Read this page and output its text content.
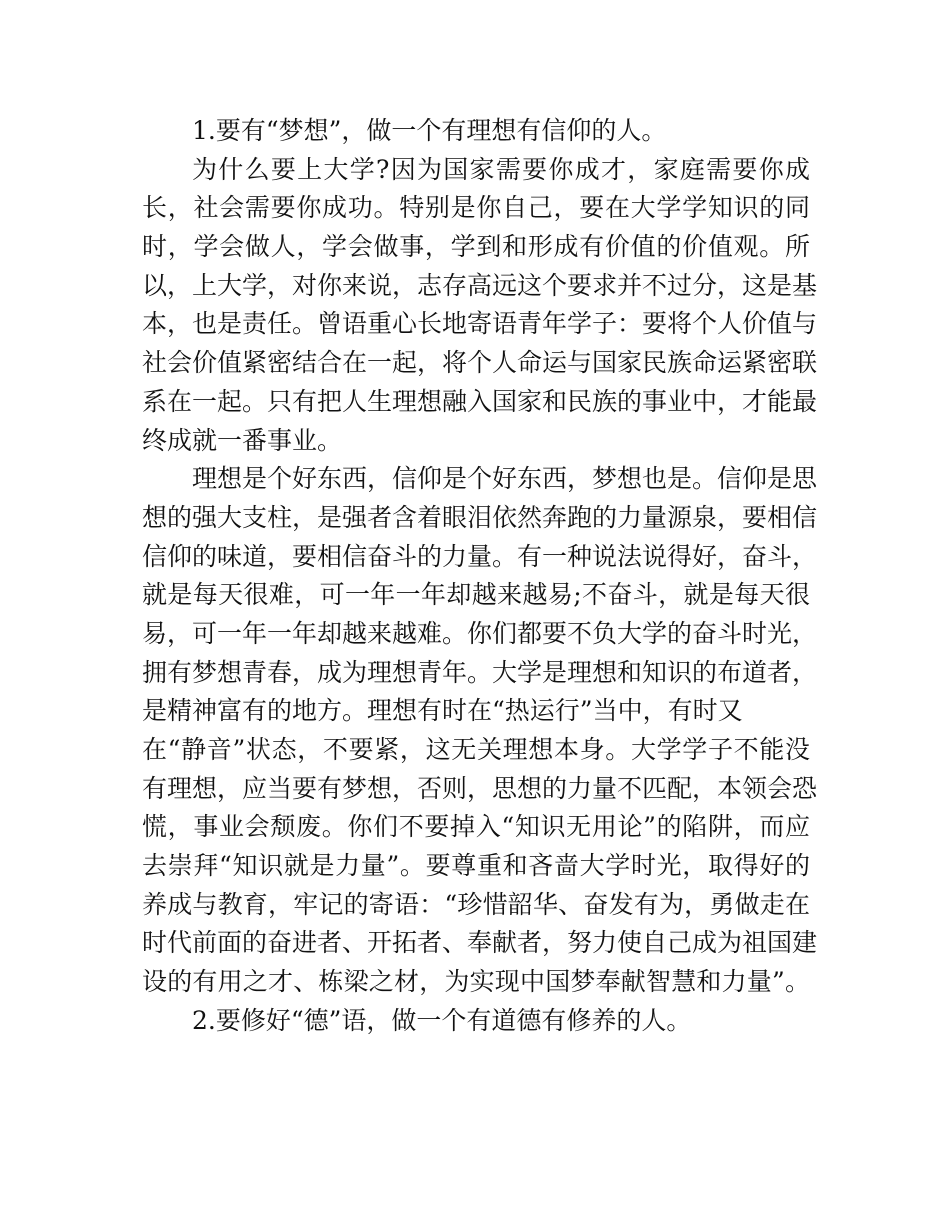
1.要有“梦想”，做一个有理想有信仰的人。
为什么要上大学?因为国家需要你成才，家庭需要你成
长，社会需要你成功。特别是你自己，要在大学学知识的同
时，学会做人，学会做事，学到和形成有价值的价值观。所
以，上大学，对你来说，志存高远这个要求并不过分，这是基
本，也是责任。曾语重心长地寄语青年学子：要将个人价值与
社会价值紧密结合在一起，将个人命运与国家民族命运紧密联
系在一起。只有把人生理想融入国家和民族的事业中，才能最
终成就一番事业。
理想是个好东西，信仰是个好东西，梦想也是。信仰是思
想的强大支柱，是强者含着眼泪依然奔跑的力量源泉，要相信
信仰的味道，要相信奋斗的力量。有一种说法说得好，奋斗，
就是每天很难，可一年一年却越来越易;不奋斗，就是每天很
易，可一年一年却越来越难。你们都要不负大学的奋斗时光，
拥有梦想青春，成为理想青年。大学是理想和知识的布道者，
是精神富有的地方。理想有时在“热运行”当中，有时又
在“静音”状态，不要紧，这无关理想本身。大学学子不能没
有理想，应当要有梦想，否则，思想的力量不匹配，本领会恐
慌，事业会颓废。你们不要掉入“知识无用论”的陷阱，而应
去崇拜“知识就是力量”。要尊重和吝啬大学时光，取得好的
养成与教育，牢记的寄语：“珍惜韶华、奋发有为，勇做走在
时代前面的奋进者、开拓者、奉献者，努力使自己成为祖国建
设的有用之才、栋梁之材，为实现中国梦奉献智慧和力量”。
2.要修好“德”语，做一个有道德有修养的人。
